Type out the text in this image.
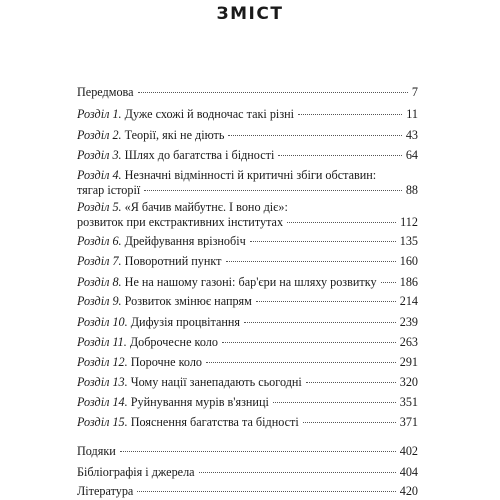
ЗМІСТ
Передмова	7
Розділ 1. Дуже схожі й водночас такі різні	11
Розділ 2. Теорії, які не діють	43
Розділ 3. Шлях до багатства і бідності	64
Розділ 4. Незначні відмінності й критичні збіги обставин:
тягар історії	88
Розділ 5. «Я бачив майбутнє. І воно діє»:
розвиток при екстрактивних інститутах	112
Розділ 6. Дрейфування врізнобіч	135
Розділ 7. Поворотний пункт	160
Розділ 8. Не на нашому газоні: бар'єри на шляху розвитку 186
Розділ 9. Розвиток змінює напрям	214
Розділ 10. Дифузія процвітання	239
Розділ 11. Доброчесне коло	263
Розділ 12. Порочне коло	291
Розділ 13. Чому нації занепадають сьогодні	320
Розділ 14. Руйнування мурів в'язниці	351
Розділ 15. Пояснення багатства та бідності	371
Подяки	402
Бібліографія і джерела	404
Література	420
